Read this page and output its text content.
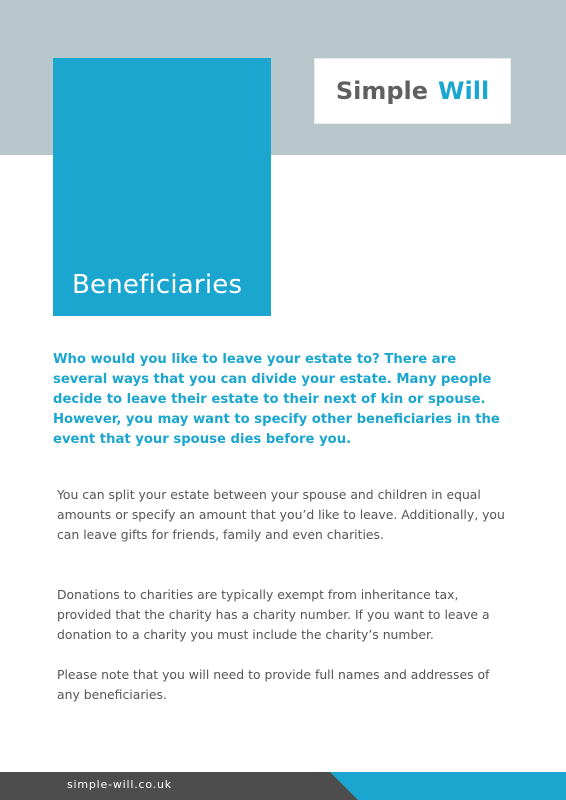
Beneficiaries
Simple Will

Who would you like to leave your estate to? There are several ways that you can divide your estate. Many people decide to leave their estate to their next of kin or spouse. However, you may want to specify other beneficiaries in the event that your spouse dies before you.

You can split your estate between your spouse and children in equal amounts or specify an amount that you’d like to leave. Additionally, you can leave gifts for friends, family and even charities.

Donations to charities are typically exempt from inheritance tax, provided that the charity has a charity number. If you want to leave a donation to a charity you must include the charity’s number.

Please note that you will need to provide full names and addresses of any beneficiaries.

simple-will.co.uk
